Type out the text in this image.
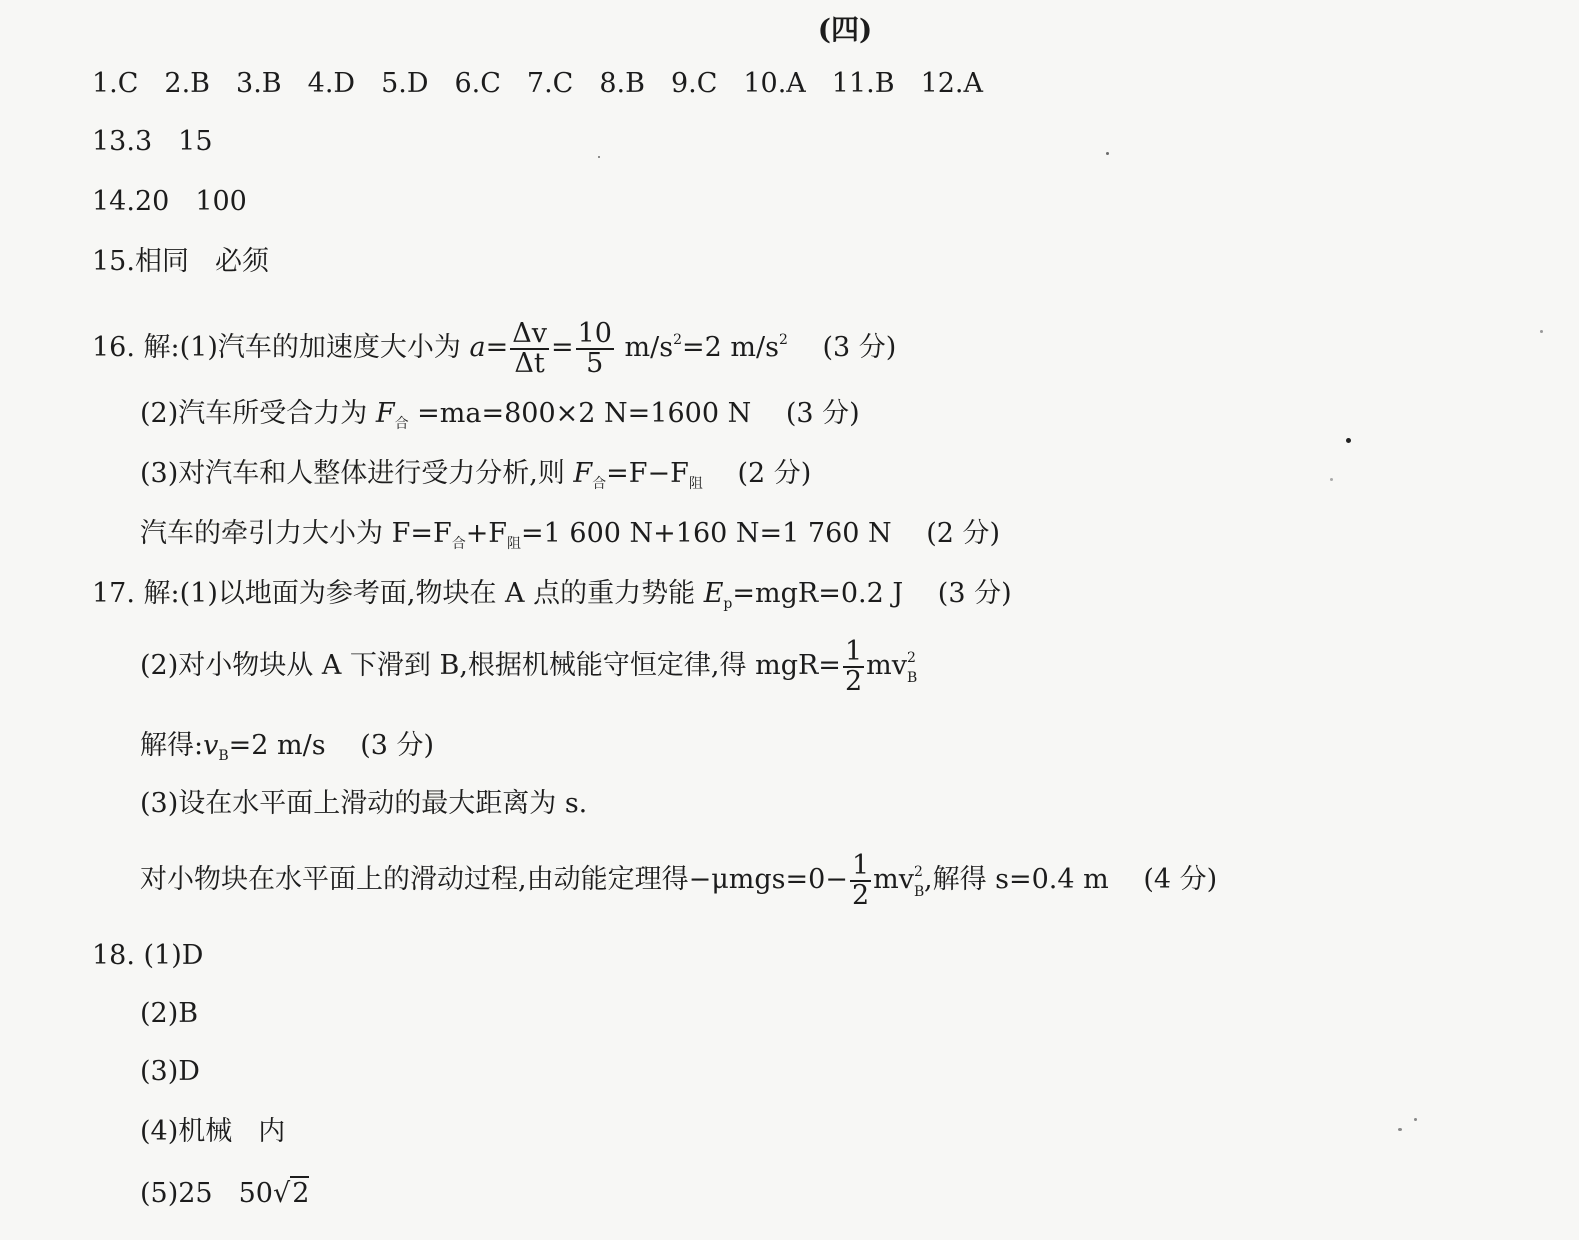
(四)
1.C 2.B 3.B 4.D 5.D 6.C 7.C 8.B 9.C 10.A 11.B 12.A
13.3 15
14.20 100
15.相同 必须
16. 解:(1)汽车的加速度大小为 $a= \frac{\Delta v}{\Delta t} = \frac{10}{5} m/s^2=2$ $m/s^2$ (3 分)
(2)汽车所受合力为 $F_合 =ma=800\times 2$ N=1600 N (3 分)
(3)对汽车和人整体进行受力分析,则 $F_合=F-F_阻$ (2 分)
汽车的牵引力大小为 $F=F_合+F_阻=1$ 600 N+160 N=1 760 N (2 分)
17. 解:(1)以地面为参考面,物块在 A 点的重力势能 $E_p=mgR=0.2$ J (3 分)
(2)对小物块从 A 下滑到 B,根据机械能守恒定律,得 $mgR= \frac{1}{2}$ mv 2
B
解得$:v_B=2$ m/s (3 分)
(3)设在水平面上滑动的最大距离为 s.
对小物块在水平面上的滑动过程,由动能定理得$-\mu mgs=0- \frac{1}{2}$ mv 2
B ,解得 s=0.4 m (4 分)
18. (1)D
(2)B
(3)D
(4)机械 内
(5)25 50√2
